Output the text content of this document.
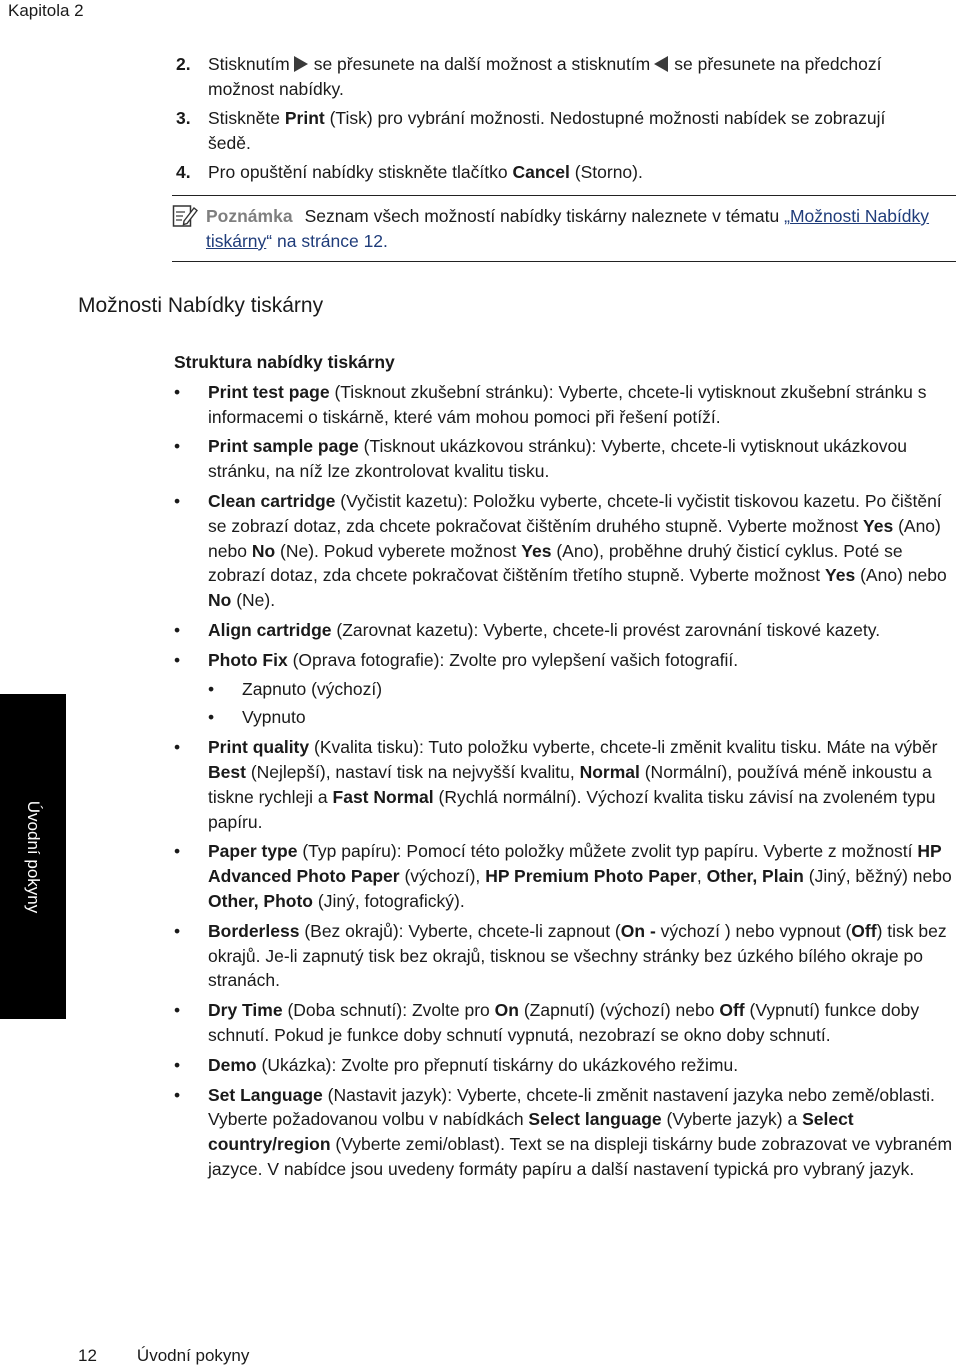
Kapitola 2
2. Stisknutím se přesunete na další možnost a stisknutím se přesunete na předchozí možnost nabídky.
3. Stiskněte Print (Tisk) pro vybrání možnosti. Nedostupné možnosti nabídek se zobrazují šedě.
4. Pro opuštění nabídky stiskněte tlačítko Cancel (Storno).
Poznámka Seznam všech možností nabídky tiskárny naleznete v tématu „Možnosti Nabídky tiskárny“ na stránce 12.
Možnosti Nabídky tiskárny

Struktura nabídky tiskárny

• Print test page (Tisknout zkušební stránku): Vyberte, chcete-li vytisknout zkušební stránku s informacemi o tiskárně, které vám mohou pomoci při řešení potíží.
• Print sample page (Tisknout ukázkovou stránku): Vyberte, chcete-li vytisknout ukázkovou stránku, na níž lze zkontrolovat kvalitu tisku.
• Clean cartridge (Vyčistit kazetu): Položku vyberte, chcete-li vyčistit tiskovou kazetu. Po čištění se zobrazí dotaz, zda chcete pokračovat čištěním druhého stupně. Vyberte možnost Yes (Ano) nebo No (Ne). Pokud vyberete možnost Yes (Ano), proběhne druhý čisticí cyklus. Poté se zobrazí dotaz, zda chcete pokračovat čištěním třetího stupně. Vyberte možnost Yes (Ano) nebo No (Ne).
• Align cartridge (Zarovnat kazetu): Vyberte, chcete-li provést zarovnání tiskové kazety.
• Photo Fix (Oprava fotografie): Zvolte pro vylepšení vašich fotografií.
• Zapnuto (výchozí)
• Vypnuto
• Print quality (Kvalita tisku): Tuto položku vyberte, chcete-li změnit kvalitu tisku. Máte na výběr Best (Nejlepší), nastaví tisk na nejvyšší kvalitu, Normal (Normální), používá méně inkoustu a tiskne rychleji a Fast Normal (Rychlá normální). Výchozí kvalita tisku závisí na zvoleném typu papíru.
• Paper type (Typ papíru): Pomocí této položky můžete zvolit typ papíru. Vyberte z možností HP Advanced Photo Paper (výchozí), HP Premium Photo Paper, Other, Plain (Jiný, běžný) nebo Other, Photo (Jiný, fotografický).
• Borderless (Bez okrajů): Vyberte, chcete-li zapnout (On - výchozí ) nebo vypnout (Off) tisk bez okrajů. Je-li zapnutý tisk bez okrajů, tisknou se všechny stránky bez úzkého bílého okraje po stranách.
• Dry Time (Doba schnutí): Zvolte pro On (Zapnutí) (výchozí) nebo Off (Vypnutí) funkce doby schnutí. Pokud je funkce doby schnutí vypnutá, nezobrazí se okno doby schnutí.
• Demo (Ukázka): Zvolte pro přepnutí tiskárny do ukázkového režimu.
• Set Language (Nastavit jazyk): Vyberte, chcete-li změnit nastavení jazyka nebo země/oblasti. Vyberte požadovanou volbu v nabídkách Select language (Vyberte jazyk) a Select country/region (Vyberte zemi/oblast). Text se na displeji tiskárny bude zobrazovat ve vybraném jazyce. V nabídce jsou uvedeny formáty papíru a další nastavení typická pro vybraný jazyk.
Úvodní pokyny
12 Úvodní pokyny
